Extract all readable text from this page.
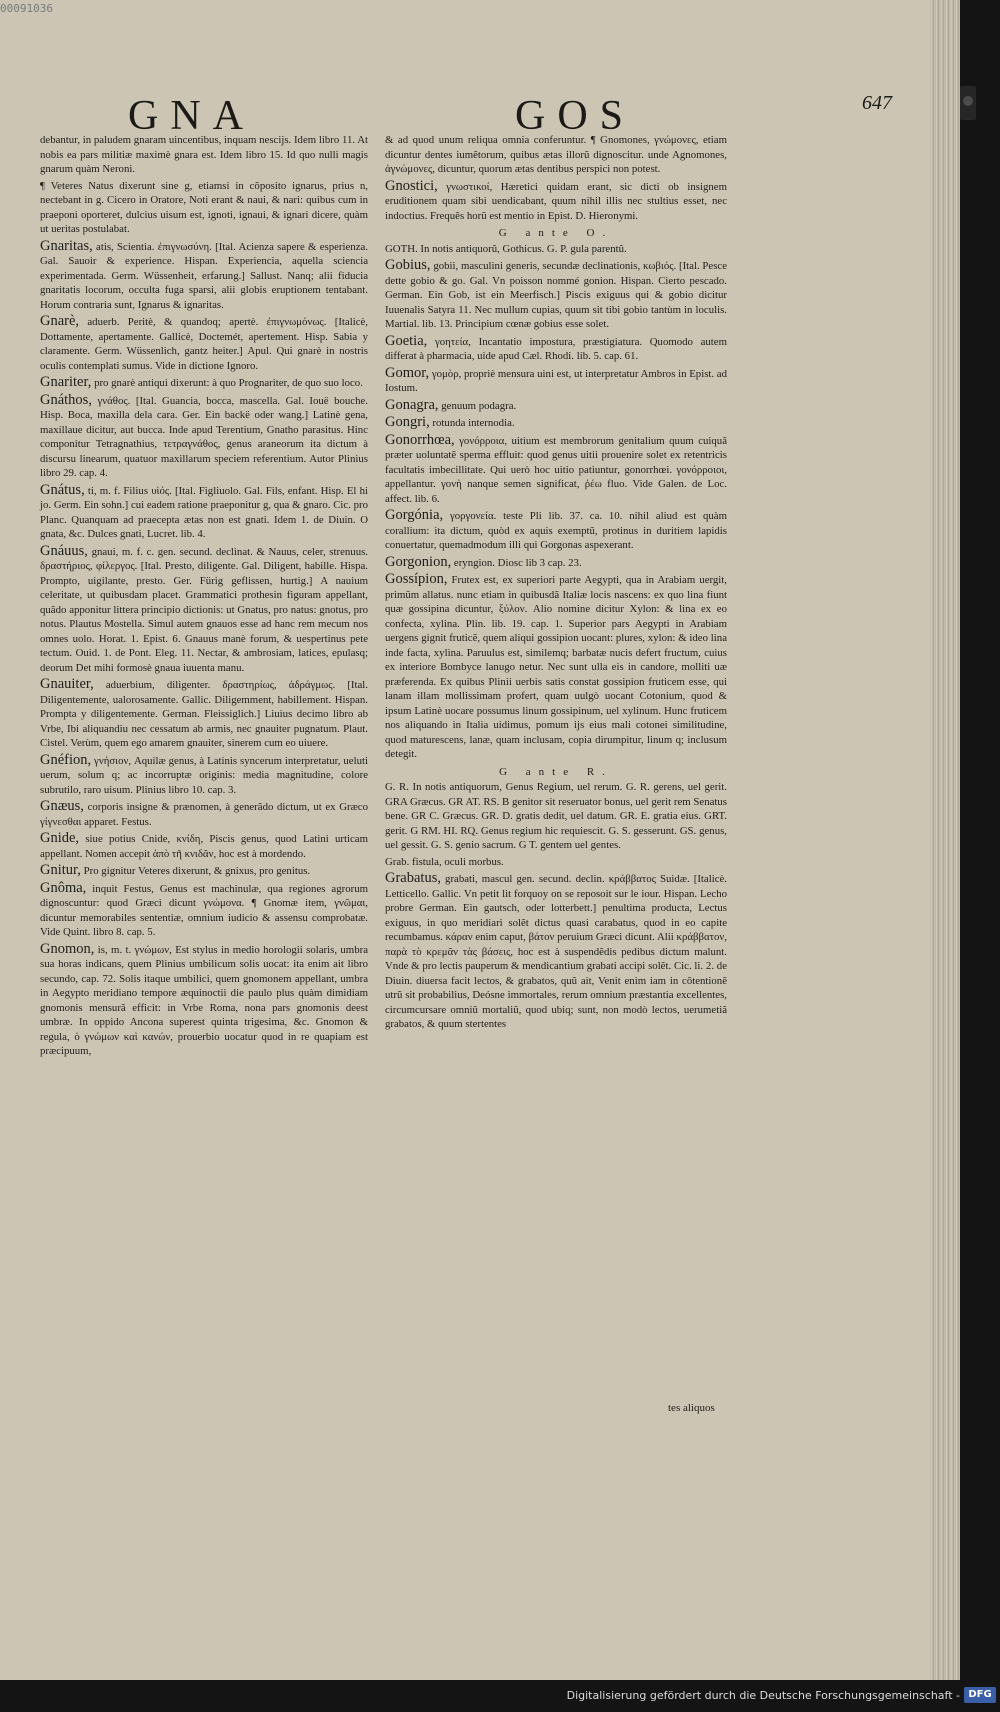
GNA	GOS	647
debantur, in paludem gnaram uincentibus, inquam nescijs. Idem libro 11. At nobis ea pars militiæ maximè gnara est. Idem libro 15. Id quo nulli magis gnarum quàm Neroni.
¶ Veteres Natus dixerunt sine g, etiamsi in cõposito ignarus, prius n, nectebant in g. Cicero in Oratore, Noti erant & naui, & nari: quibus cum in praeponi oporteret, dulcius uisum est, ignoti, ignaui, & ignari dicere, quàm ut ueritas postulabat.
Gnaritas, atis, Scientia. ἐπιγνωσύνη. [Ital. Acienza sapere & esperienza. Gal. Sauoir & experience. Hispan. Experiencia, aquella sciencia experimentada. Germ. Wüssenheit, erfarung.] Sallust. Nanq; alii fiducia gnaritatis locorum, occulta fuga sparsi, alii globis eruptionem tentabant. Horum contraria sunt, Ignarus & ignaritas.
Gnarè, aduerb. Peritè, & quandoq; apertè. ἐπιγνωμόνως. [Italicè, Dottamente, apertamente. Gallicè, Doctemét, apertement. Hisp. Sabia y claramente. Germ. Wüssenlich, gantz heiter.] Apul. Qui gnarè in nostris oculis contemplati sumus. Vide in dictione Ignoro.
Gnariter, pro gnarè antiqui dixerunt: à quo Prognariter, de quo suo loco.
Gnáthos, γνάθος. [Ital. Guancia, bocca, mascella. Gal. Iouë bouche. Hisp. Boca, maxilla dela cara. Ger. Ein backë oder wang.] Latinè gena, maxillaue dicitur, aut bucca. Inde apud Terentium, Gnatho parasitus. Hinc componitur Tetragnathius, τετραγνάθος, genus araneorum ita dictum à discursu linearum, quatuor maxillarum speciem referentium. Autor Plinius libro 29. cap. 4.
Gnátus, ti, m. f. Filius υἱός. [Ital. Figliuolo. Gal. Fils, enfant. Hisp. El hi jo. Germ. Ein sohn.] cui eadem ratione praeponitur g, qua & gnaro. Cic. pro Planc. Quanquam ad praecepta ætas non est gnati. Idem 1. de Diuin. O gnata, &c. Dulces gnati, Lucret. lib. 4.
Gnáuus, gnaui, m. f. c. gen. secund. declinat. & Nauus, celer, strenuus. δραστήριος, φίλεργος. [Ital. Presto, diligente. Gal. Diligent, habille. Hispa. Prompto, uigilante, presto. Ger. Fürig geflissen, hurtig.] A nauium celeritate, ut quibusdam placet. Grammatici prothesin figuram appellant, quãdo apponitur littera principio dictionis: ut Gnatus, pro natus: gnotus, pro notus. Plautus Mostella. Simul autem gnauos esse ad hanc rem mecum nos omnes uolo. Horat. 1. Epist. 6. Gnauus manè forum, & uespertinus pete tectum. Ouid. 1. de Pont. Eleg. 11. Nectar, & ambrosiam, latices, epulasq; deorum Det mihi formosè gnaua iuuenta manu.
Gnauiter, aduerbium, diligenter. δραστηρίως, ἀδράγμως. [Ital. Diligentemente, ualorosamente. Gallic. Diligemment, habillement. Hispan. Prompta y diligentemente. German. Fleissiglich.] Liuius decimo libro ab Vrbe, Ibi aliquandiu nec cessatum ab armis, nec gnauiter pugnatum. Plaut. Cistel. Verùm, quem ego amarem gnauiter, sinerem cum eo uiuere.
Gnéfion, γνήσιον, Aquilæ genus, à Latinis syncerum interpretatur, ueluti uerum, solum q; ac incorruptæ originis: media magnitudine, colore subrutilo, raro uisum. Plinius libro 10. cap. 3.
Gnæus, corporis insigne & prænomen, à generãdo dictum, ut ex Græco γίγνεσθαι apparet. Festus.
Gnide, siue potius Cnide, κνίδη, Piscis genus, quod Latini urticam appellant. Nomen accepit ἀπὸ τῆ κνιδᾶν, hoc est à mordendo.
Gnitur, Pro gignitur Veteres dixerunt, & gnixus, pro genitus.
Gnôma, inquit Festus, Genus est machinulæ, qua regiones agrorum dignoscuntur: quod Græci dicunt γνώμονα. ¶ Gnomæ item, γνῶμαι, dicuntur memorabiles sententiæ, omnium iudicio & assensu comprobatæ. Vide Quint. libro 8. cap. 5.
Gnomon, is, m. t. γνώμων, Est stylus in medio horologii solaris, umbra sua horas indicans, quem Plinius umbilicum solis uocat: ita enim ait libro secundo, cap. 72. Solis itaque umbilici, quem gnomonem appellant, umbra in Aegypto meridiano tempore æquinoctii die paulo plus quàm dimidiam gnomonis mensurã efficit: in Vrbe Roma, nona pars gnomonis deest umbræ. In oppido Ancona superest quinta trigesima, &c. Gnomon & regula, ὁ γνώμων καὶ κανών, prouerbio uocatur quod in re quapiam est præcipuum,
& ad quod unum reliqua omnia conferuntur. ¶ Gnomones, γνώμονες, etiam dicuntur dentes iumẽtorum, quibus ætas illorũ dignoscitur. unde Agnomones, ἀγνώμονες, dicuntur, quorum ætas dentibus perspici non potest.
Gnostici, γνωστικοί, Hæretici quidam erant, sic dicti ob insignem eruditionem quam sibi uendicabant, quum nihil illis nec stultius esset, nec indoctius. Frequẽs horũ est mentio in Epist. D. Hieronymi.
G ante O.
GOTH. In notis antiquorũ, Gothicus. G. P. gula parentũ.
Gobius, gobii, masculini generis, secundæ declinationis, κωβιός. [Ital. Pesce dette gobio & go. Gal. Vn poisson nommé gonion. Hispan. Cierto pescado. German. Ein Gob, ist ein Meerfisch.] Piscis exiguus qui & gobio dicitur Iuuenalis Satyra 11. Nec mullum cupias, quum sit tibi gobio tantùm in loculis. Martial. lib. 13. Principium cœnæ gobius esse solet.
Goetia, γοητεία, Incantatio impostura, præstigiatura. Quomodo autem differat à pharmacia, uide apud Cæl. Rhodi. lib. 5. cap. 61.
Gomor, γομὸρ, propriè mensura uini est, ut interpretatur Ambros in Epist. ad Iostum.
Gonagra, genuum podagra.
Gongri, rotunda internodia.
Gonorrhœa, γονόρροια, uitium est membrorum genitalium quum cuiquã præter uoluntatẽ sperma effluit: quod genus uitii prouenire solet ex retentricis facultatis imbecillitate. Qui uerò hoc uitio patiuntur, gonorrhœi. γονόρροιοι, appellantur. γονὴ nanque semen significat, ῥέω fluo. Vide Galen. de Loc. affect. lib. 6.
Gorgónia, γοργονεία. teste Pli lib. 37. ca. 10. nihil aliud est quàm corallium: ita dictum, quòd ex aquis exemptũ, protinus in duritiem lapidis conuertatur, quemadmodum illi qui Gorgonas aspexerant.
Gorgonion, eryngion. Diosc lib 3 cap. 23.
Gossípion, Frutex est, ex superiori parte Aegypti, qua in Arabiam uergit, primũm allatus. nunc etiam in quibusdã Italiæ locis nascens: ex quo lina fiunt quæ gossipina dicuntur, ξύλον. Alio nomine dicitur Xylon: & lina ex eo confecta, xylina. Plin. lib. 19. cap. 1. Superior pars Aegypti in Arabiam uergens gignit fruticẽ, quem aliqui gossipion uocant: plures, xylon: & ideo lina inde facta, xylina. Paruulus est, similemq; barbatæ nucis defert fructum, cuius ex interiore Bombyce lanugo netur. Nec sunt ulla eis in candore, molliti uæ præferenda. Ex quibus Plinii uerbis satis constat gossipion fruticem esse, qui lanam illam mollissimam profert, quam uulgò uocant Cotonium, quod & ipsum Latinè uocare possumus linum gossipinum, uel xylinum. Hunc fruticem nos aliquando in Italia uidimus, pomum ijs eius mali cotonei similitudine, quod maturescens, lanæ, quam inclusam, copia dirumpitur, linum q; inclusum detegit.
G ante R.
G. R. In notis antiquorum, Genus Regium, uel rerum. G. R. gerens, uel gerit. GRA Græcus. GR AT. RS. B genitor sit reseruator bonus, uel gerit rem Senatus bene. GR C. Græcus. GR. D. gratis dedit, uel datum. GR. E. gratia eius. GRT. gerit. G RM. HI. RQ. Genus regium hic requiescit. G. S. gesserunt. GS. genus, uel gessit. G. S. genio sacrum. G T. gentem uel gentes.
Grab. fistula, oculi morbus.
Grabatus, grabati, mascul gen. secund. declin. κράββατος Suidæ. [Italicè. Letticello. Gallic. Vn petit lit forquoy on se reposoit sur le iour. Hispan. Lecho probre German. Ein gautsch, oder lotterbett.] penultima producta, Lectus exiguus, in quo meridiari solẽt dictus quasi carabatus, quod in eo capite recumbamus. κάραν enim caput, βάτον peruium Græci dicunt. Alii κράββατον, παρὰ τὸ κρεμᾶν τὰς βάσεις, hoc est à suspendẽdis pedibus dictum malunt. Vnde & pro lectis pauperum & mendicantium grabati accipi solẽt. Cic. li. 2. de Diuin. diuersa facit lectos, & grabatos, quũ ait, Venit enim iam in cõtentionẽ utrũ sit probabilius, Deósne immortales, rerum omnium præstantia excellentes, circumcursare omniũ mortaliũ, quod ubiq; sunt, non modò lectos, uerumetiã grabatos, & quum stertentes
tes aliquos
00091036
Digitalisierung gefördert durch die Deutsche Forschungsgemeinschaft - DFG
